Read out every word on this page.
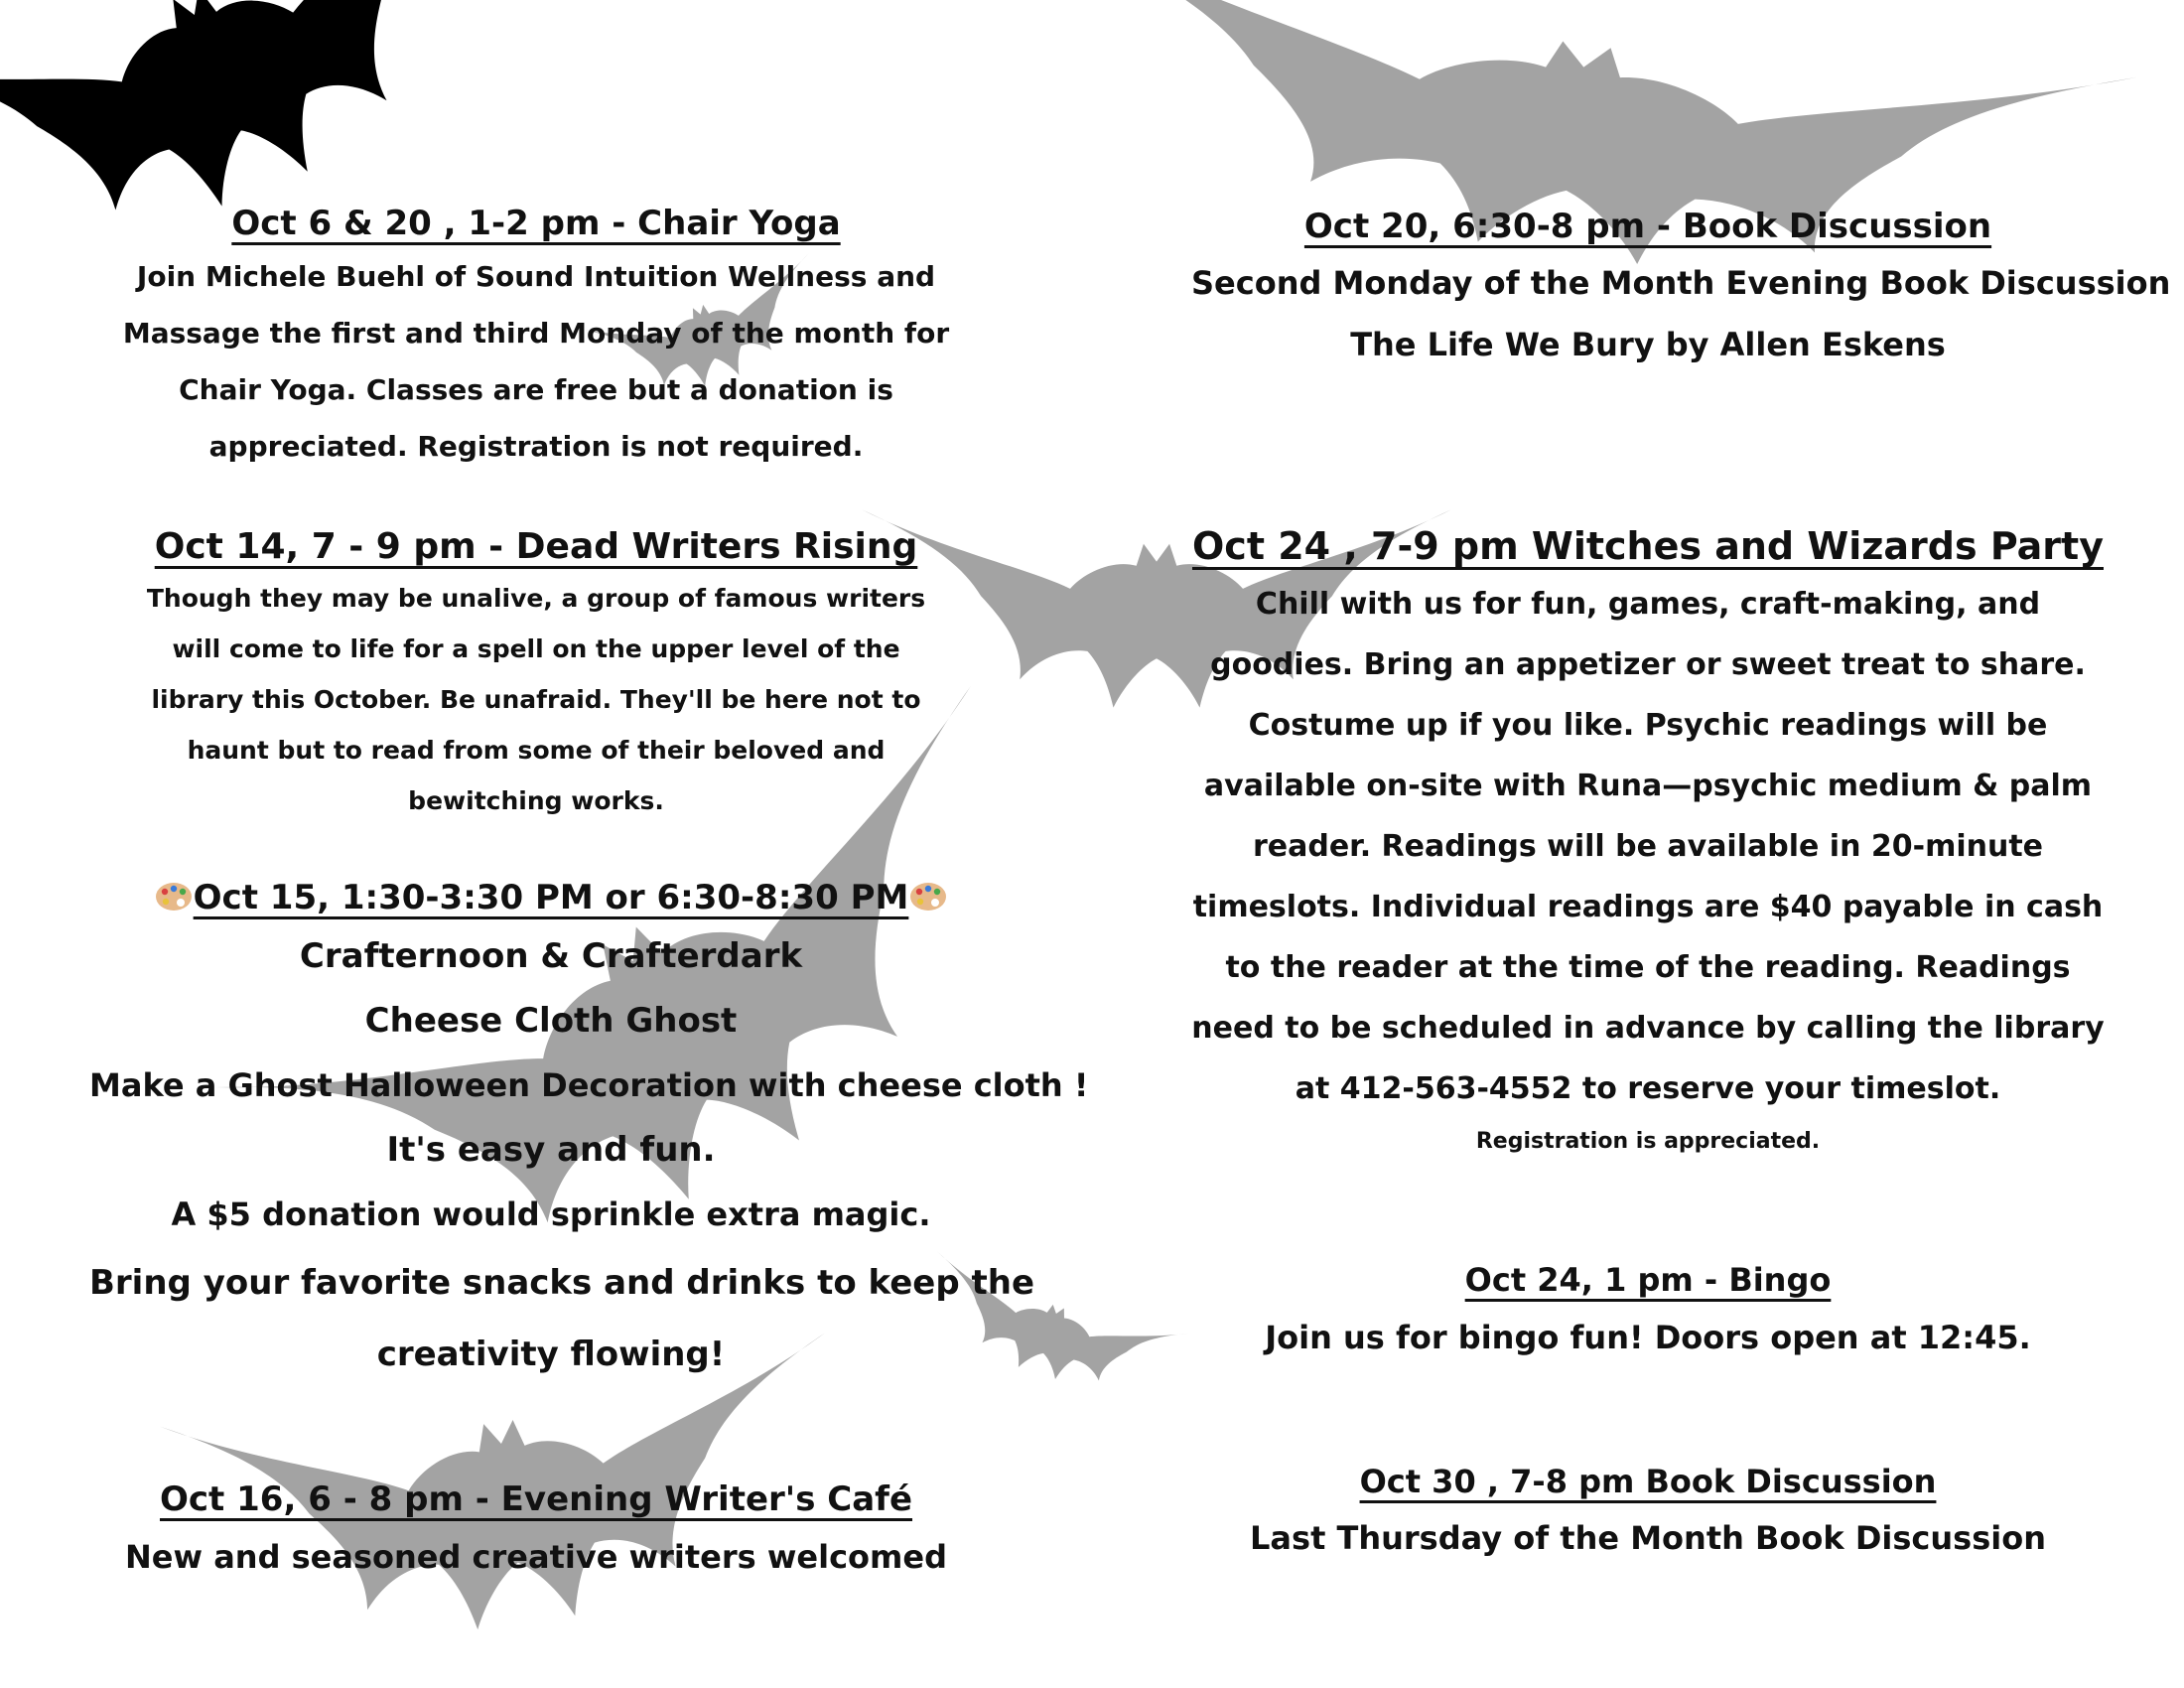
Oct 6 & 20 , 1-2 pm - Chair Yoga
Join Michele Buehl of Sound Intuition Wellness and
Massage the first and third Monday of the month for
Chair Yoga. Classes are free but a donation is
appreciated. Registration is not required.
Oct 14, 7 - 9 pm - Dead Writers Rising
Though they may be unalive, a group of famous writers
will come to life for a spell on the upper level of the
library this October. Be unafraid. They'll be here not to
haunt but to read from some of their beloved and
bewitching works.
Oct 15, 1:30-3:30 PM or 6:30-8:30 PM
Crafternoon & Crafterdark
Cheese Cloth Ghost
Make a Ghost Halloween Decoration with cheese cloth !
It's easy and fun.
A $5 donation would sprinkle extra magic.
Bring your favorite snacks and drinks to keep the
creativity flowing!
Oct 16, 6 - 8 pm - Evening Writer's Café
New and seasoned creative writers welcomed
Oct 20, 6:30-8 pm - Book Discussion
Second Monday of the Month Evening Book Discussion
The Life We Bury by Allen Eskens
Oct 24 , 7-9 pm Witches and Wizards Party
Chill with us for fun, games, craft-making, and
goodies. Bring an appetizer or sweet treat to share.
Costume up if you like. Psychic readings will be
available on-site with Runa—psychic medium & palm
reader. Readings will be available in 20-minute
timeslots. Individual readings are $40 payable in cash
to the reader at the time of the reading. Readings
need to be scheduled in advance by calling the library
at 412-563-4552 to reserve your timeslot.
Registration is appreciated.
Oct 24, 1 pm - Bingo
Join us for bingo fun! Doors open at 12:45.
Oct 30 , 7-8 pm Book Discussion
Last Thursday of the Month Book Discussion
